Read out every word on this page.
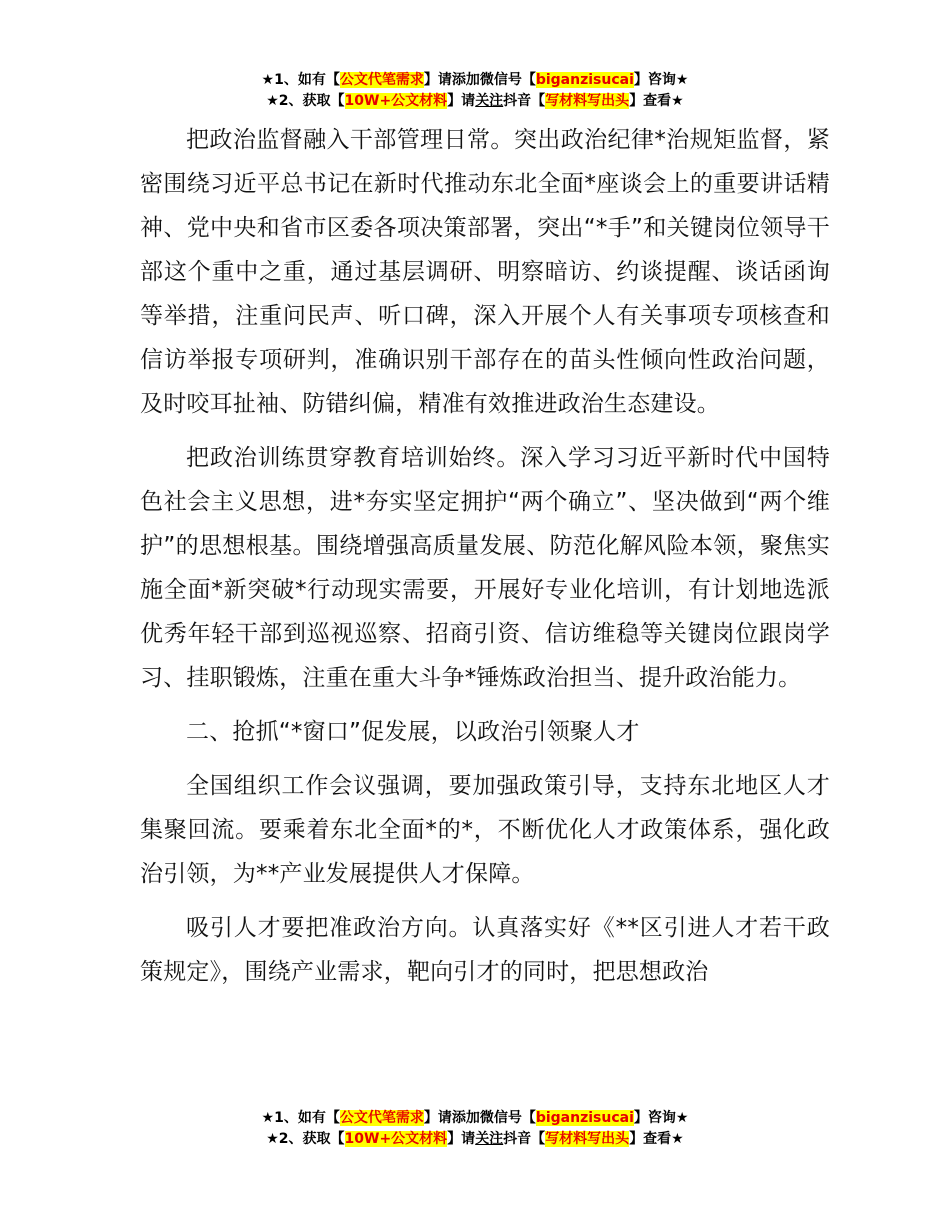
★1、如有【公文代笔需求】请添加微信号【biganzisucai】咨询★
★2、获取【10W+公文材料】请关注抖音【写材料写出头】查看★

把政治监督融入干部管理日常。突出政治纪律*治规矩监督，紧密围绕习近平总书记在新时代推动东北全面*座谈会上的重要讲话精神、党中央和省市区委各项决策部署，突出“*手”和关键岗位领导干部这个重中之重，通过基层调研、明察暗访、约谈提醒、谈话函询等举措，注重问民声、听口碑，深入开展个人有关事项专项核查和信访举报专项研判，准确识别干部存在的苗头性倾向性政治问题，及时咬耳扯袖、防错纠偏，精准有效推进政治生态建设。

把政治训练贯穿教育培训始终。深入学习习近平新时代中国特色社会主义思想，进*夯实坚定拥护“两个确立”、坚决做到“两个维护”的思想根基。围绕增强高质量发展、防范化解风险本领，聚焦实施全面*新突破*行动现实需要，开展好专业化培训，有计划地选派优秀年轻干部到巡视巡察、招商引资、信访维稳等关键岗位跟岗学习、挂职锻炼，注重在重大斗争*锤炼政治担当、提升政治能力。

二、抢抓“*窗口”促发展，以政治引领聚人才

全国组织工作会议强调，要加强政策引导，支持东北地区人才集聚回流。要乘着东北全面*的*，不断优化人才政策体系，强化政治引领，为**产业发展提供人才保障。

吸引人才要把准政治方向。认真落实好《**区引进人才若干政策规定》，围绕产业需求，靶向引才的同时，把思想政治

★1、如有【公文代笔需求】请添加微信号【biganzisucai】咨询★
★2、获取【10W+公文材料】请关注抖音【写材料写出头】查看★
